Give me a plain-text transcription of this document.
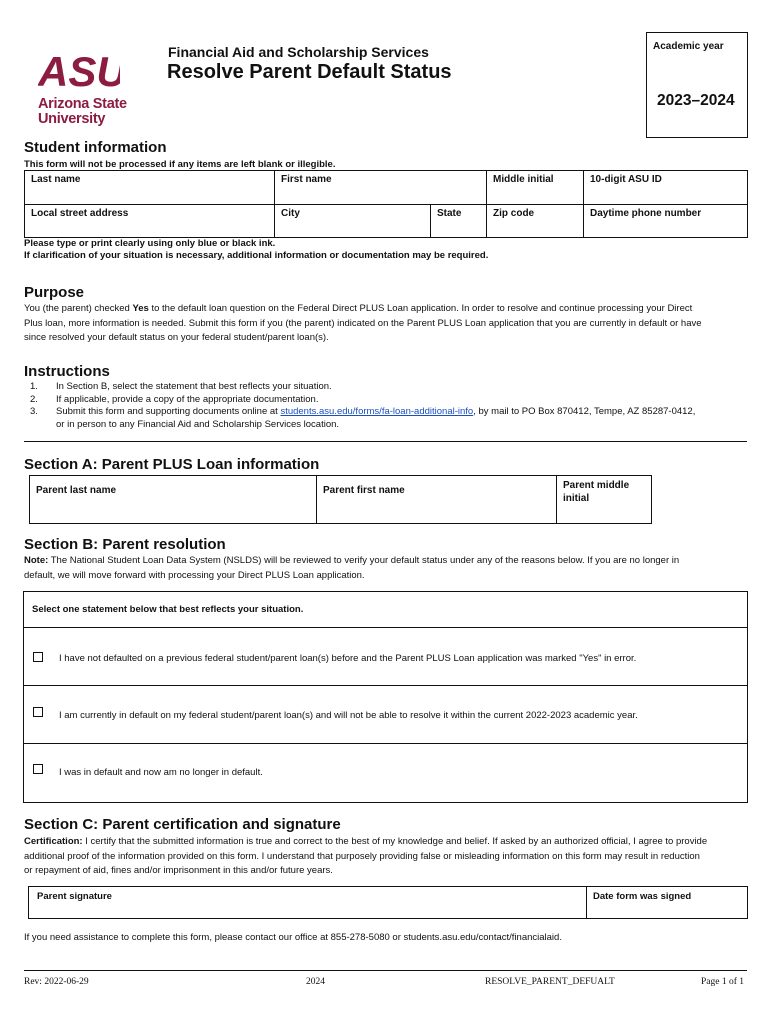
ASU
Arizona State
University
Financial Aid and Scholarship Services
Resolve Parent Default Status
Academic year
2023–2024
Student information
This form will not be processed if any items are left blank or illegible.
Last name	First name		Middle initial	10-digit ASU ID
Local street address	City	State	Zip code	Daytime phone number
Please type or print clearly using only blue or black ink.
If clarification of your situation is necessary, additional information or documentation may be required.
Purpose
You (the parent) checked Yes to the default loan question on the Federal Direct PLUS Loan application. In order to resolve and continue processing your Direct
Plus loan, more information is needed. Submit this form if you (the parent) indicated on the Parent PLUS Loan application that you are currently in default or have
since resolved your default status on your federal student/parent loan(s).
Instructions
1.	In Section B, select the statement that best reflects your situation.
2.	If applicable, provide a copy of the appropriate documentation.
3.	Submit this form and supporting documents online at students.asu.edu/forms/fa-loan-additional-info, by mail to PO Box 870412, Tempe, AZ 85287-0412,
or in person to any Financial Aid and Scholarship Services location.
Section A: Parent PLUS Loan information
Parent last name	Parent first name	Parent middle
initial
Section B: Parent resolution
Note: The National Student Loan Data System (NSLDS) will be reviewed to verify your default status under any of the reasons below. If you are no longer in
default, we will move forward with processing your Direct PLUS Loan application.
Select one statement below that best reflects your situation.
I have not defaulted on a previous federal student/parent loan(s) before and the Parent PLUS Loan application was marked "Yes" in error.
I am currently in default on my federal student/parent loan(s) and will not be able to resolve it within the current 2022-2023 academic year.
I was in default and now am no longer in default.
Section C: Parent certification and signature
Certification: I certify that the submitted information is true and correct to the best of my knowledge and belief. If asked by an authorized official, I agree to provide
additional proof of the information provided on this form. I understand that purposely providing false or misleading information on this form may result in reduction
or repayment of aid, fines and/or imprisonment in this and/or future years.
Parent signature	Date form was signed
If you need assistance to complete this form, please contact our office at 855-278-5080 or students.asu.edu/contact/financialaid.
Rev: 2022-06-29	2024	RESOLVE_PARENT_DEFUALT	Page 1 of 1
